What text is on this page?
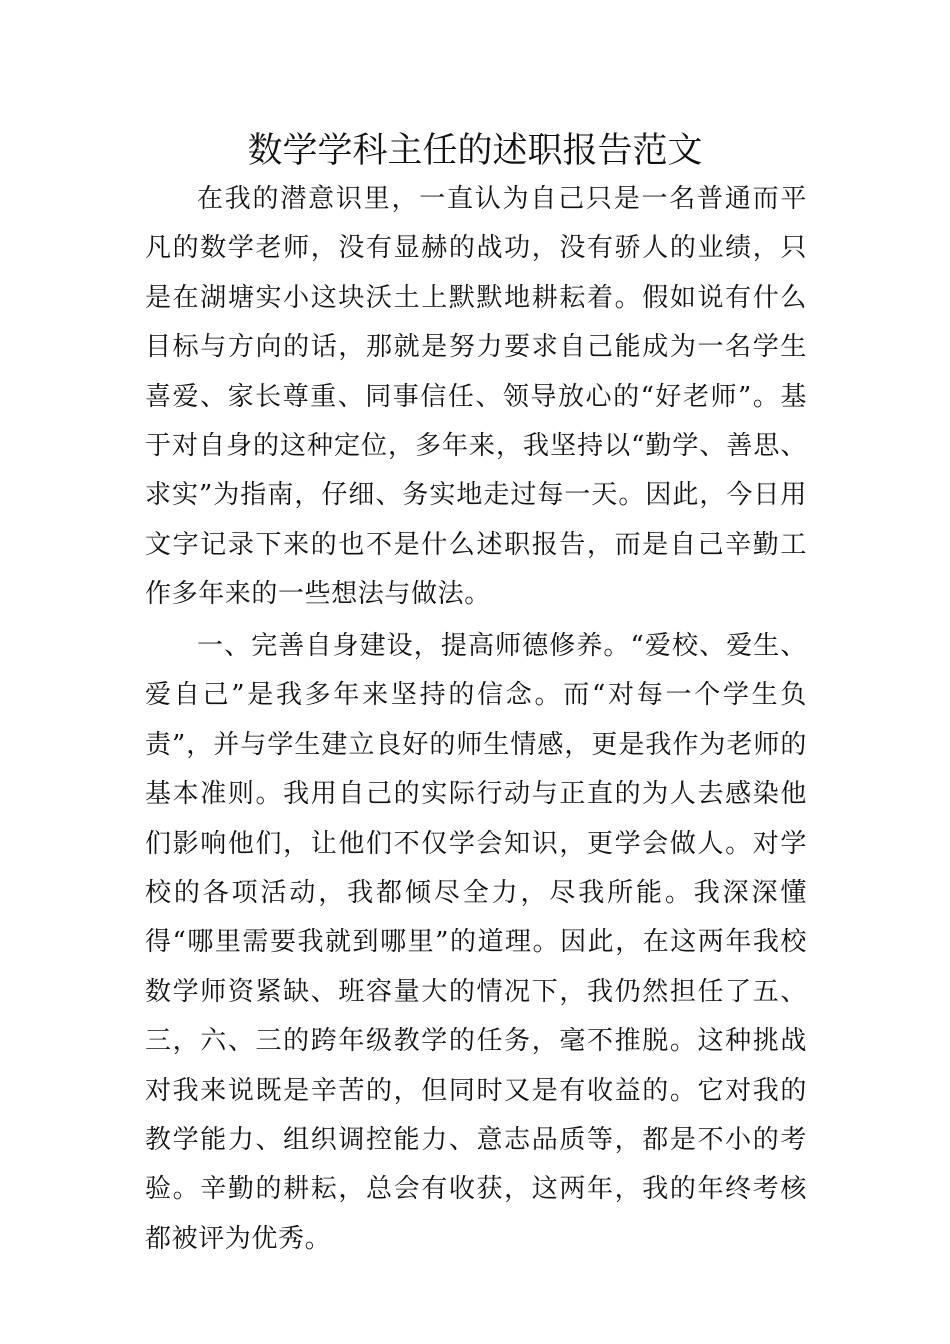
数学学科主任的述职报告范文

在我的潜意识里，一直认为自己只是一名普通而平凡的数学老师，没有显赫的战功，没有骄人的业绩，只是在湖塘实小这块沃土上默默地耕耘着。假如说有什么目标与方向的话，那就是努力要求自己能成为一名学生喜爱、家长尊重、同事信任、领导放心的“好老师”。基于对自身的这种定位，多年来，我坚持以“勤学、善思、求实”为指南，仔细、务实地走过每一天。因此，今日用文字记录下来的也不是什么述职报告，而是自己辛勤工作多年来的一些想法与做法。

一、完善自身建设，提高师德修养。“爱校、爱生、爱自己”是我多年来坚持的信念。而“对每一个学生负责”，并与学生建立良好的师生情感，更是我作为老师的基本准则。我用自己的实际行动与正直的为人去感染他们影响他们，让他们不仅学会知识，更学会做人。对学校的各项活动，我都倾尽全力，尽我所能。我深深懂得“哪里需要我就到哪里”的道理。因此，在这两年我校数学师资紧缺、班容量大的情况下，我仍然担任了五、三，六、三的跨年级教学的任务，毫不推脱。这种挑战对我来说既是辛苦的，但同时又是有收益的。它对我的教学能力、组织调控能力、意志品质等，都是不小的考验。辛勤的耕耘，总会有收获，这两年，我的年终考核都被评为优秀。
